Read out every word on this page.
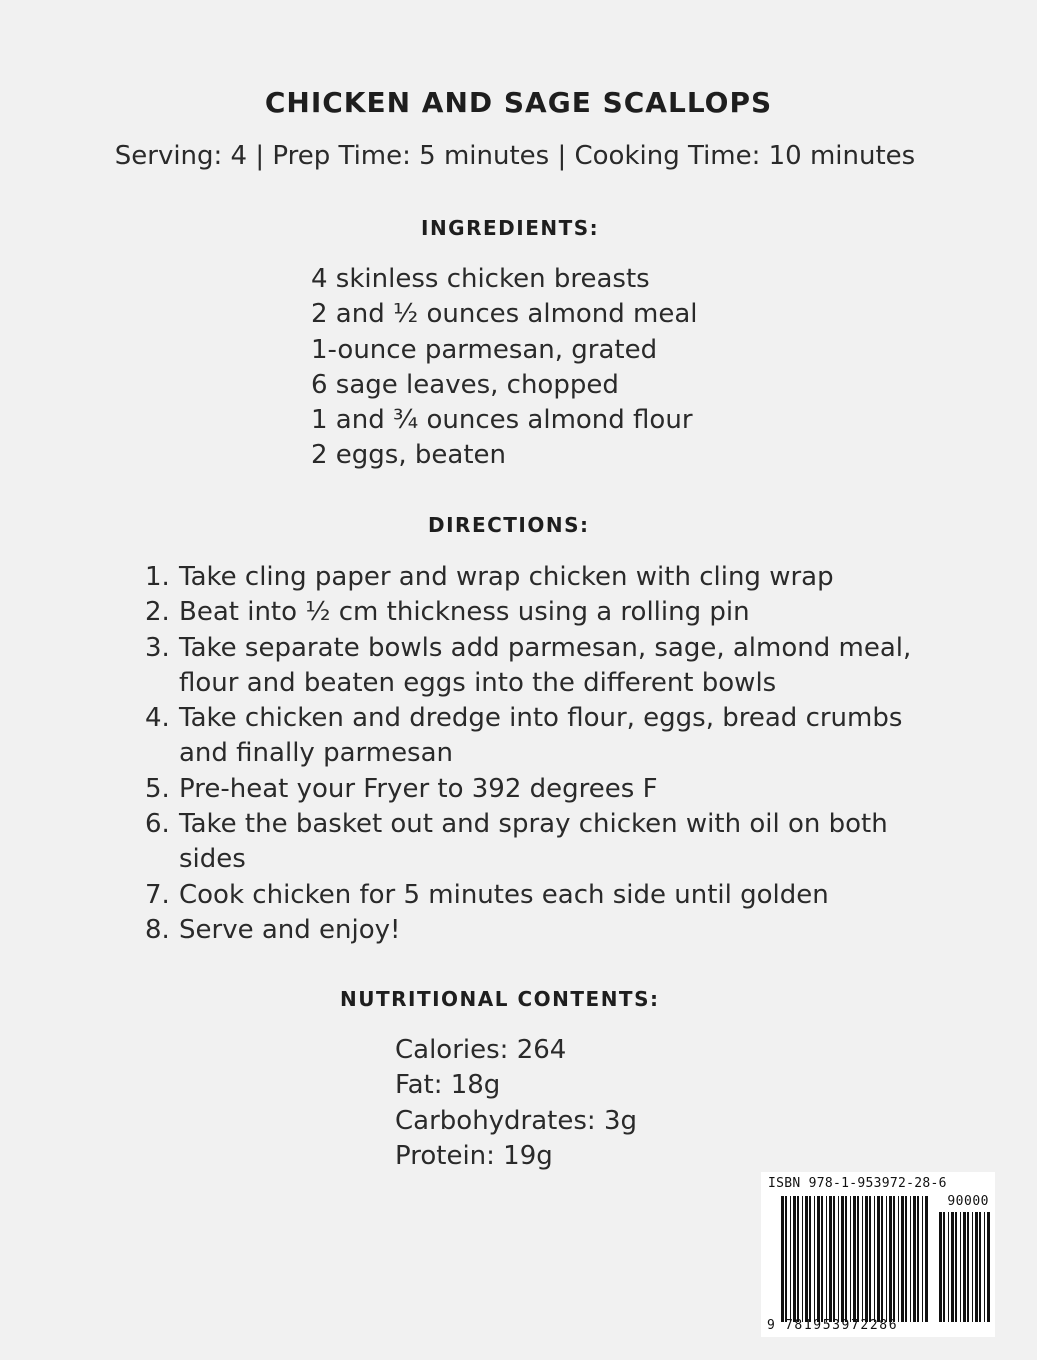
CHICKEN AND SAGE SCALLOPS

Serving: 4 | Prep Time: 5 minutes | Cooking Time: 10 minutes

INGREDIENTS:
4 skinless chicken breasts
2 and ½ ounces almond meal
1-ounce parmesan, grated
6 sage leaves, chopped
1 and ¾ ounces almond flour
2 eggs, beaten
DIRECTIONS:
1. Take cling paper and wrap chicken with cling wrap
2. Beat into ½ cm thickness using a rolling pin
3. Take separate bowls add parmesan, sage, almond meal, flour and beaten eggs into the different bowls
4. Take chicken and dredge into flour, eggs, bread crumbs and finally parmesan
5. Pre-heat your Fryer to 392 degrees F
6. Take the basket out and spray chicken with oil on both sides
7. Cook chicken for 5 minutes each side until golden
8. Serve and enjoy!
NUTRITIONAL CONTENTS:
Calories: 264
Fat: 18g
Carbohydrates: 3g
Protein: 19g
ISBN 978-1-953972-28-6
90000
9 781953972286
